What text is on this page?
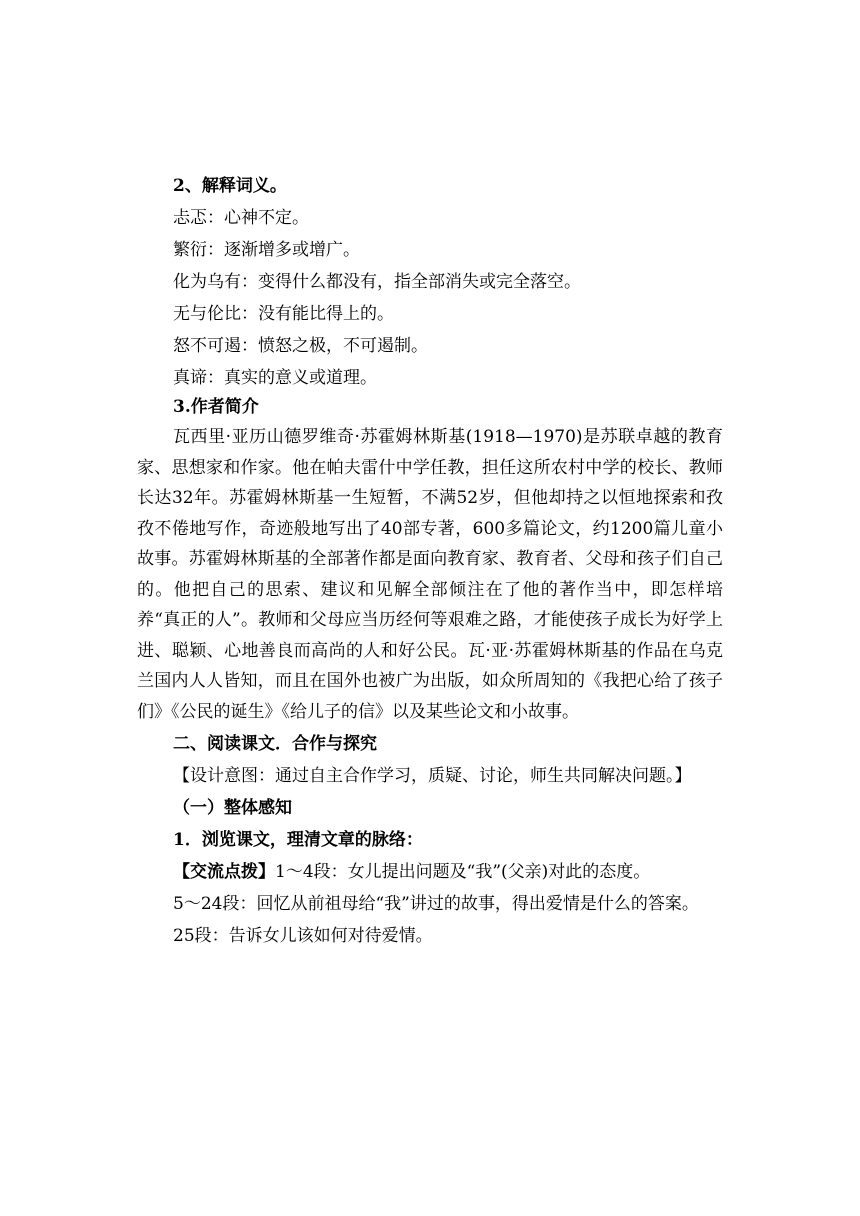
2、解释词义。

忐忑：心神不定。

繁衍：逐渐增多或增广。

化为乌有：变得什么都没有，指全部消失或完全落空。

无与伦比：没有能比得上的。

怒不可遏：愤怒之极，不可遏制。

真谛：真实的意义或道理。

3.作者简介

瓦西里·亚历山德罗维奇·苏霍姆林斯基(1918—1970)是苏联卓越的教育家、思想家和作家。他在帕夫雷什中学任教，担任这所农村中学的校长、教师长达32年。苏霍姆林斯基一生短暂，不满52岁，但他却持之以恒地探索和孜孜不倦地写作，奇迹般地写出了40部专著，600多篇论文，约1200篇儿童小故事。苏霍姆林斯基的全部著作都是面向教育家、教育者、父母和孩子们自己的。他把自己的思索、建议和见解全部倾注在了他的著作当中，即怎样培养“真正的人”。教师和父母应当历经何等艰难之路，才能使孩子成长为好学上进、聪颖、心地善良而高尚的人和好公民。瓦·亚·苏霍姆林斯基的作品在乌克兰国内人人皆知，而且在国外也被广为出版，如众所周知的《我把心给了孩子们》《公民的诞生》《给儿子的信》以及某些论文和小故事。

二、阅读课文．合作与探究

【设计意图：通过自主合作学习，质疑、讨论，师生共同解决问题。】

（一）整体感知

1．浏览课文，理清文章的脉络：

【交流点拨】1～4段：女儿提出问题及“我”(父亲)对此的态度。

5～24段：回忆从前祖母给“我”讲过的故事，得出爱情是什么的答案。

25段：告诉女儿该如何对待爱情。
